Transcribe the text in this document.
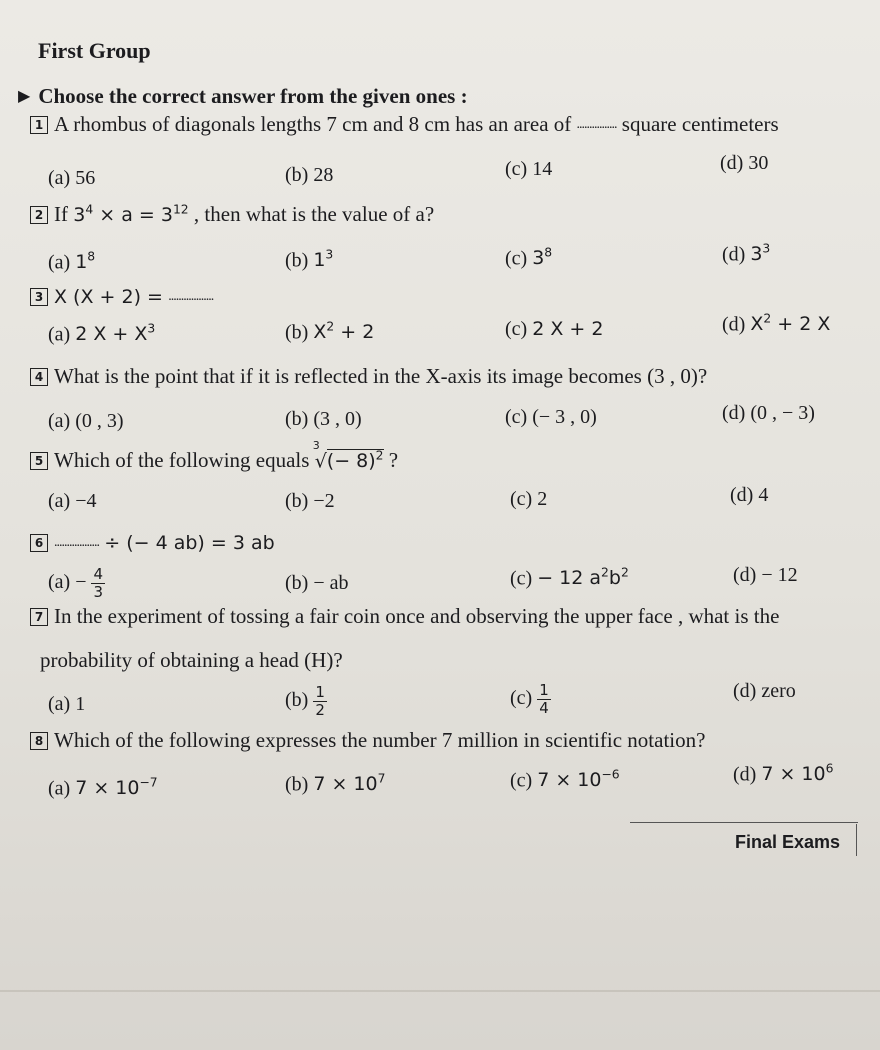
First Group
▶ Choose the correct answer from the given ones :
1 A rhombus of diagonals lengths 7 cm and 8 cm has an area of ................ square centimeters
(a) 56	(b) 28	(c) 14	(d) 30
2 If $3^4 \times a = 3^{12}$ , then what is the value of a?
(a) $1^8$	(b) $1^3$	(c) $3^8$	(d) $3^3$
3 X (X + 2) = ..................
(a) 2 $X + X^3$	(b) $X^2 + 2$	(c) 2 X + 2	(d) $X^2 + 2$ X
4 What is the point that if it is reflected in the X-axis its image becomes (3 , 0)?
(a) (0 , 3)	(b) (3 , 0)	(c) (− 3 , 0)	(d) (0 , − 3)
5 Which of the following equals
3
√(− 8)$^2$ ?
(a) −4	(b) −2	(c) 2	(d) 4
6 .................. ÷ (− 4 ab) = 3 ab
$(a) - \frac{4}{3}$	(b) − ab	(c) − 12 $a^2b^2$	(d) − 12
7 In the experiment of tossing a fair coin once and observing the upper face , what is the
probability of obtaining a head (H)?
(a) 1	$(b) \frac{1}{2}$	$(c) \frac{1}{4}$	(d) zero
8 Which of the following expresses the number 7 million in scientific notation?
(a) $7 \times 10^{-7}$	(b) $7 \times 10^7$	(c) $7 \times 10^{-6}$	(d) $7 \times 10^6$
Final Exams
